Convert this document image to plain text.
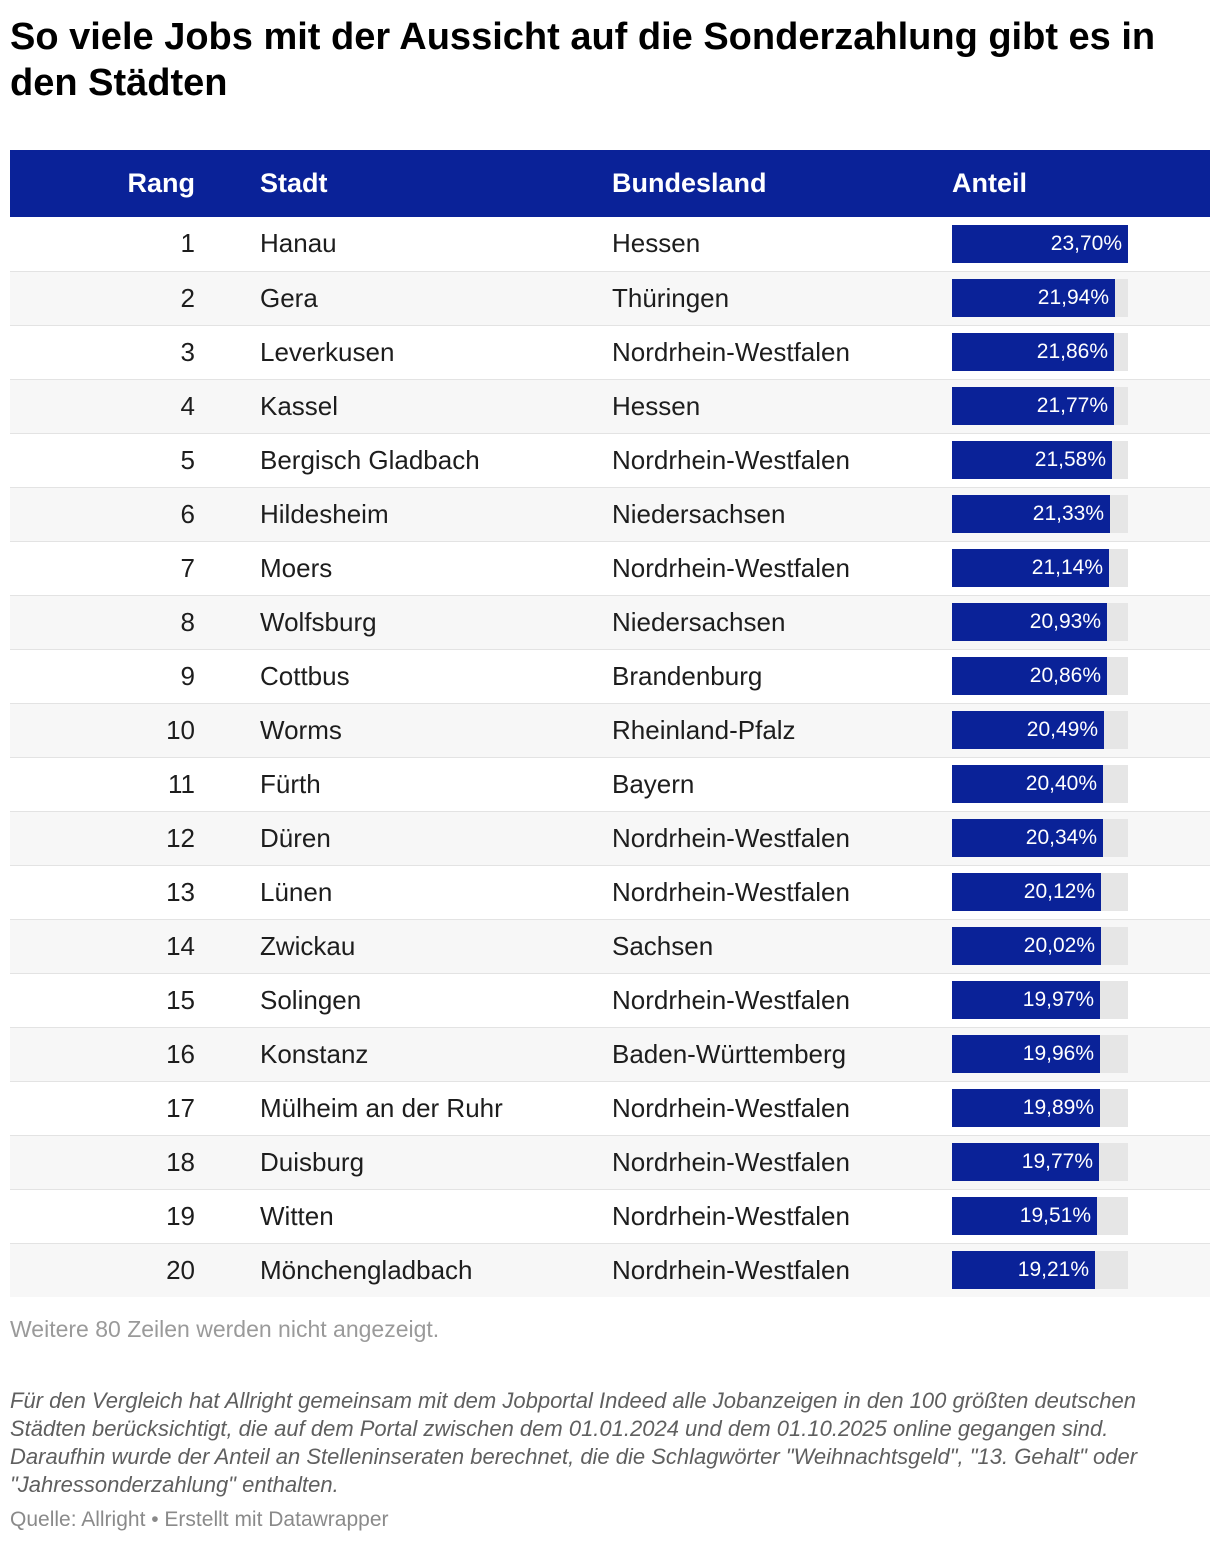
So viele Jobs mit der Aussicht auf die Sonderzahlung gibt es in den Städten
Rang	Stadt	Bundesland	Anteil
1	Hanau	Hessen	23,70%

2	Gera	Thüringen	21,94%

3	Leverkusen	Nordrhein-Westfalen	21,86%

4	Kassel	Hessen	21,77%

5	Bergisch Gladbach	Nordrhein-Westfalen	21,58%

6	Hildesheim	Niedersachsen	21,33%

7	Moers	Nordrhein-Westfalen	21,14%

8	Wolfsburg	Niedersachsen	20,93%

9	Cottbus	Brandenburg	20,86%

10	Worms	Rheinland-Pfalz	20,49%

11	Fürth	Bayern	20,40%

12	Düren	Nordrhein-Westfalen	20,34%

13	Lünen	Nordrhein-Westfalen	20,12%

14	Zwickau	Sachsen	20,02%

15	Solingen	Nordrhein-Westfalen	19,97%

16	Konstanz	Baden-Württemberg	19,96%

17	Mülheim an der Ruhr	Nordrhein-Westfalen	19,89%

18	Duisburg	Nordrhein-Westfalen	19,77%

19	Witten	Nordrhein-Westfalen	19,51%

20	Mönchengladbach	Nordrhein-Westfalen	19,21%

Weitere 80 Zeilen werden nicht angezeigt.

Für den Vergleich hat Allright gemeinsam mit dem Jobportal Indeed alle Jobanzeigen in den 100 größten deutschen Städten berücksichtigt, die auf dem Portal zwischen dem 01.01.2024 und dem 01.10.2025 online gegangen sind. Daraufhin wurde der Anteil an Stelleninseraten berechnet, die die Schlagwörter "Weihnachtsgeld", "13. Gehalt" oder "Jahressonderzahlung" enthalten.

Quelle: Allright • Erstellt mit Datawrapper
